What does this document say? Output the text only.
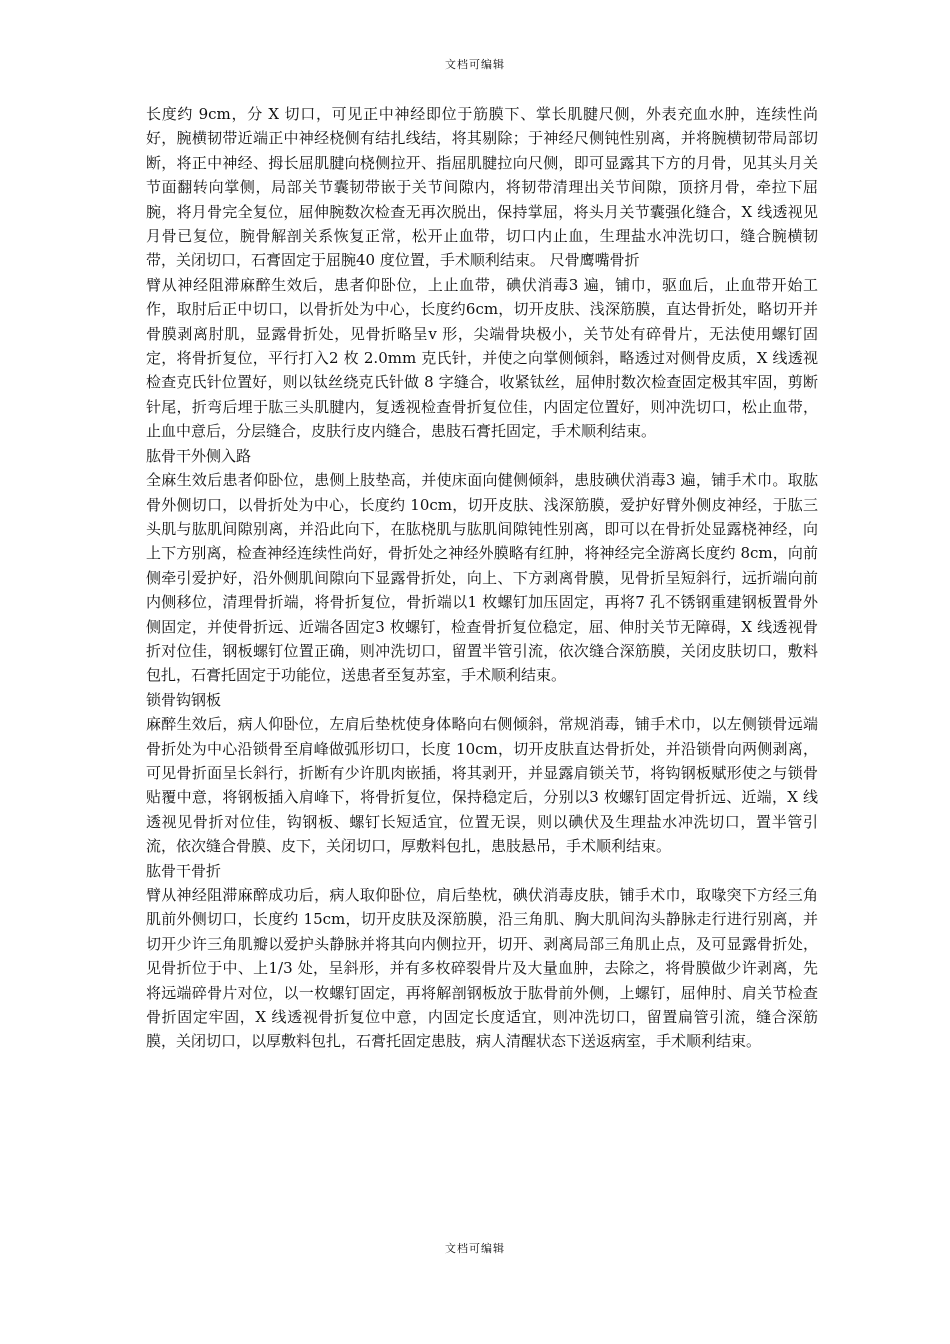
文档可编辑

长度约 9cm，分 X 切口，可见正中神经即位于筋膜下、掌长肌腱尺侧，外表充血水肿，连续性尚好，腕横韧带近端正中神经桡侧有结扎线结，将其剔除；于神经尺侧钝性别离，并将腕横韧带局部切断，将正中神经、拇长屈肌腱向桡侧拉开、指屈肌腱拉向尺侧，即可显露其下方的月骨，见其头月关节面翻转向掌侧，局部关节囊韧带嵌于关节间隙内，将韧带清理出关节间隙，顶挤月骨，牵拉下屈腕，将月骨完全复位，屈伸腕数次检查无再次脱出，保持掌屈，将头月关节囊强化缝合，X 线透视见月骨已复位，腕骨解剖关系恢复正常，松开止血带，切口内止血，生理盐水冲洗切口，缝合腕横韧带，关闭切口，石膏固定于屈腕40 度位置，手术顺利结束。 尺骨鹰嘴骨折

臂从神经阻滞麻醉生效后，患者仰卧位，上止血带，碘伏消毒3 遍，铺巾，驱血后，止血带开始工作，取肘后正中切口，以骨折处为中心，长度约6cm，切开皮肤、浅深筋膜，直达骨折处，略切开并骨膜剥离肘肌，显露骨折处，见骨折略呈v 形，尖端骨块极小，关节处有碎骨片，无法使用螺钉固定，将骨折复位，平行打入2 枚 2.0mm 克氏针，并使之向掌侧倾斜，略透过对侧骨皮质，X 线透视检查克氏针位置好，则以钛丝绕克氏针做 8 字缝合，收紧钛丝，屈伸肘数次检查固定极其牢固，剪断针尾，折弯后埋于肱三头肌腱内，复透视检查骨折复位佳，内固定位置好，则冲洗切口，松止血带，止血中意后，分层缝合，皮肤行皮内缝合，患肢石膏托固定，手术顺利结束。

肱骨干外侧入路

全麻生效后患者仰卧位，患侧上肢垫高，并使床面向健侧倾斜，患肢碘伏消毒3 遍，铺手术巾。取肱骨外侧切口，以骨折处为中心，长度约 10cm，切开皮肤、浅深筋膜，爱护好臂外侧皮神经，于肱三头肌与肱肌间隙别离，并沿此向下，在肱桡肌与肱肌间隙钝性别离，即可以在骨折处显露桡神经，向上下方别离，检查神经连续性尚好，骨折处之神经外膜略有红肿，将神经完全游离长度约 8cm，向前侧牵引爱护好，沿外侧肌间隙向下显露骨折处，向上、下方剥离骨膜，见骨折呈短斜行，远折端向前内侧移位，清理骨折端，将骨折复位，骨折端以1 枚螺钉加压固定，再将7 孔不锈钢重建钢板置骨外侧固定，并使骨折远、近端各固定3 枚螺钉，检查骨折复位稳定，屈、伸肘关节无障碍，X 线透视骨折对位佳，钢板螺钉位置正确，则冲洗切口，留置半管引流，依次缝合深筋膜，关闭皮肤切口，敷料包扎，石膏托固定于功能位，送患者至复苏室，手术顺利结束。

锁骨钩钢板

麻醉生效后，病人仰卧位，左肩后垫枕使身体略向右侧倾斜，常规消毒，铺手术巾，以左侧锁骨远端骨折处为中心沿锁骨至肩峰做弧形切口，长度 10cm，切开皮肤直达骨折处，并沿锁骨向两侧剥离，可见骨折面呈长斜行，折断有少许肌肉嵌插，将其剥开，并显露肩锁关节，将钩钢板赋形使之与锁骨贴覆中意，将钢板插入肩峰下，将骨折复位，保持稳定后，分别以3 枚螺钉固定骨折远、近端，X 线透视见骨折对位佳，钩钢板、螺钉长短适宜，位置无误，则以碘伏及生理盐水冲洗切口，置半管引流，依次缝合骨膜、皮下，关闭切口，厚敷料包扎，患肢悬吊，手术顺利结束。

肱骨干骨折

臂从神经阻滞麻醉成功后，病人取仰卧位，肩后垫枕，碘伏消毒皮肤，铺手术巾，取喙突下方经三角肌前外侧切口，长度约 15cm，切开皮肤及深筋膜，沿三角肌、胸大肌间沟头静脉走行进行别离，并切开少许三角肌瓣以爱护头静脉并将其向内侧拉开，切开、剥离局部三角肌止点，及可显露骨折处，见骨折位于中、上1/3 处，呈斜形，并有多枚碎裂骨片及大量血肿，去除之，将骨膜做少许剥离，先将远端碎骨片对位，以一枚螺钉固定，再将解剖钢板放于肱骨前外侧，上螺钉，屈伸肘、肩关节检查骨折固定牢固，X 线透视骨折复位中意，内固定长度适宜，则冲洗切口，留置扁管引流，缝合深筋膜，关闭切口，以厚敷料包扎，石膏托固定患肢，病人清醒状态下送返病室，手术顺利结束。

文档可编辑
